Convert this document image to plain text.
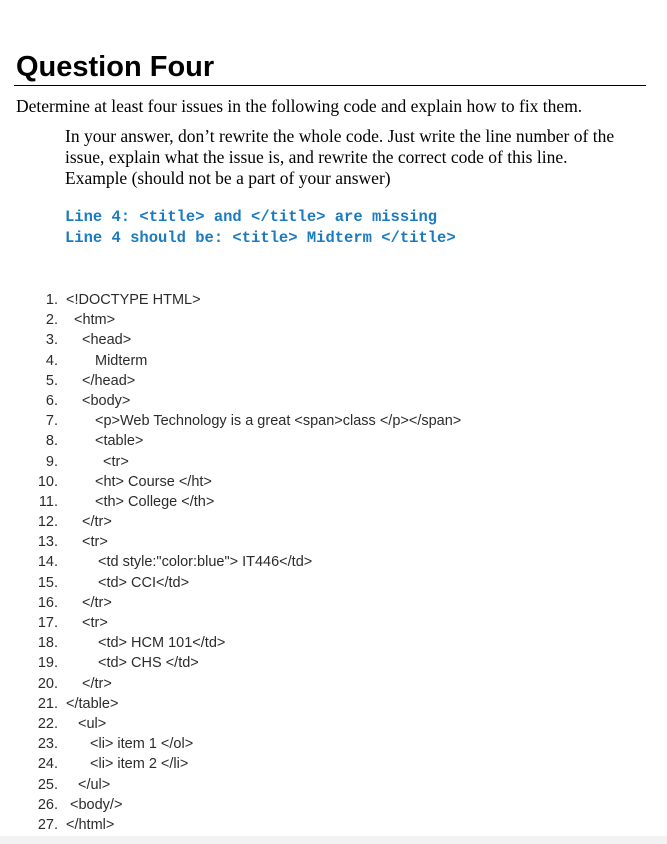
Question Four
Determine at least four issues in the following code and explain how to fix them.
In your answer, don’t rewrite the whole code. Just write the line number of the
issue, explain what the issue is, and rewrite the correct code of this line.
Example (should not be a part of your answer)
Line 4: <title> and </title> are missing
Line 4 should be: <title> Midterm </title>
1. <!DOCTYPE HTML>
2. <htm>
3. <head>
4.	Midterm
5. </head>
6. <body>
7.	<p>Web Technology is a great <span>class </p></span>
8.	<table>
9.	<tr>
10.	<ht> Course </ht>
11.	<th> College </th>
12. </tr>
13. <tr>
14.	<td style:"color:blue"> IT446</td>
15.	<td> CCI</td>
16. </tr>
17. <tr>
18.	<td> HCM 101</td>
19.	<td> CHS </td>
20. </tr>
21. </table>
22. <ul>
23. <li> item 1 </ol>
24. <li> item 2 </li>
25. </ul>
26. <body/>
27. </html>
